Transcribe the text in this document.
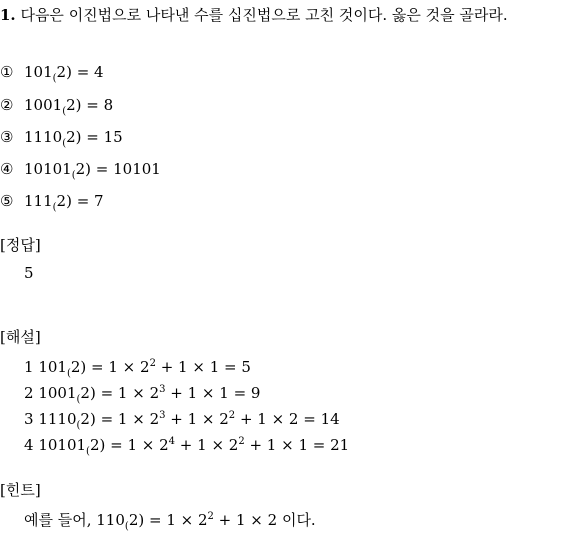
1. 다음은 이진법으로 나타낸 수를 십진법으로 고친 것이다. 옳은 것을 골라라.
① $101_(2) = 4$
② $1001_(2) = 8$
③ $1110_(2) = 15$
④ $10101_(2) = 10101$
⑤ $111_(2) = 7$
[정답]
5
[해설]
1 $101_(2) = 1 \times 2^2 + 1 \times 1 = 5$
2 $1001_(2) = 1 \times 2^3 + 1 \times 1 = 9$
3 $1110_(2) = 1 \times 2^3 + 1 \times 2^2 + 1 \times 2 = 14$
4 $10101_(2) = 1 \times 2^4 + 1 \times 2^2 + 1 \times 1 = 21$
[힌트]
예를 들어, $110_(2) = 1 \times 2^2 + 1 \times 2$ 이다.
